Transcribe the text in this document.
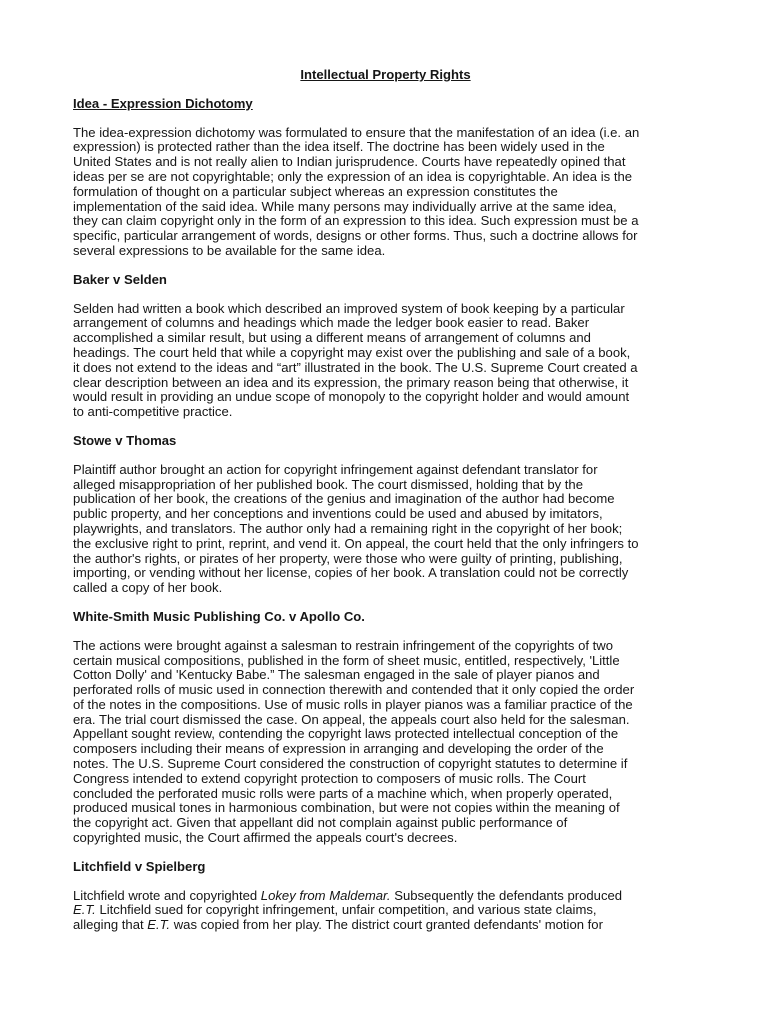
Intellectual Property Rights

Idea - Expression Dichotomy

The idea-expression dichotomy was formulated to ensure that the manifestation of an idea (i.e. an
expression) is protected rather than the idea itself. The doctrine has been widely used in the
United States and is not really alien to Indian jurisprudence. Courts have repeatedly opined that
ideas per se are not copyrightable; only the expression of an idea is copyrightable. An idea is the
formulation of thought on a particular subject whereas an expression constitutes the
implementation of the said idea. While many persons may individually arrive at the same idea,
they can claim copyright only in the form of an expression to this idea. Such expression must be a
specific, particular arrangement of words, designs or other forms. Thus, such a doctrine allows for
several expressions to be available for the same idea.

Baker v Selden

Selden had written a book which described an improved system of book keeping by a particular
arrangement of columns and headings which made the ledger book easier to read. Baker
accomplished a similar result, but using a different means of arrangement of columns and
headings. The court held that while a copyright may exist over the publishing and sale of a book,
it does not extend to the ideas and “art” illustrated in the book. The U.S. Supreme Court created a
clear description between an idea and its expression, the primary reason being that otherwise, it
would result in providing an undue scope of monopoly to the copyright holder and would amount
to anti-competitive practice.

Stowe v Thomas

Plaintiff author brought an action for copyright infringement against defendant translator for
alleged misappropriation of her published book. The court dismissed, holding that by the
publication of her book, the creations of the genius and imagination of the author had become
public property, and her conceptions and inventions could be used and abused by imitators,
playwrights, and translators. The author only had a remaining right in the copyright of her book;
the exclusive right to print, reprint, and vend it. On appeal, the court held that the only infringers to
the author's rights, or pirates of her property, were those who were guilty of printing, publishing,
importing, or vending without her license, copies of her book. A translation could not be correctly
called a copy of her book.

White-Smith Music Publishing Co. v Apollo Co.

The actions were brought against a salesman to restrain infringement of the copyrights of two
certain musical compositions, published in the form of sheet music, entitled, respectively, 'Little
Cotton Dolly' and 'Kentucky Babe.” The salesman engaged in the sale of player pianos and
perforated rolls of music used in connection therewith and contended that it only copied the order
of the notes in the compositions. Use of music rolls in player pianos was a familiar practice of the
era. The trial court dismissed the case. On appeal, the appeals court also held for the salesman.
Appellant sought review, contending the copyright laws protected intellectual conception of the
composers including their means of expression in arranging and developing the order of the
notes. The U.S. Supreme Court considered the construction of copyright statutes to determine if
Congress intended to extend copyright protection to composers of music rolls. The Court
concluded the perforated music rolls were parts of a machine which, when properly operated,
produced musical tones in harmonious combination, but were not copies within the meaning of
the copyright act. Given that appellant did not complain against public performance of
copyrighted music, the Court affirmed the appeals court's decrees.

Litchfield v Spielberg

Litchfield wrote and copyrighted Lokey from Maldemar. Subsequently the defendants produced
E.T. Litchfield sued for copyright infringement, unfair competition, and various state claims,
alleging that E.T. was copied from her play. The district court granted defendants' motion for
